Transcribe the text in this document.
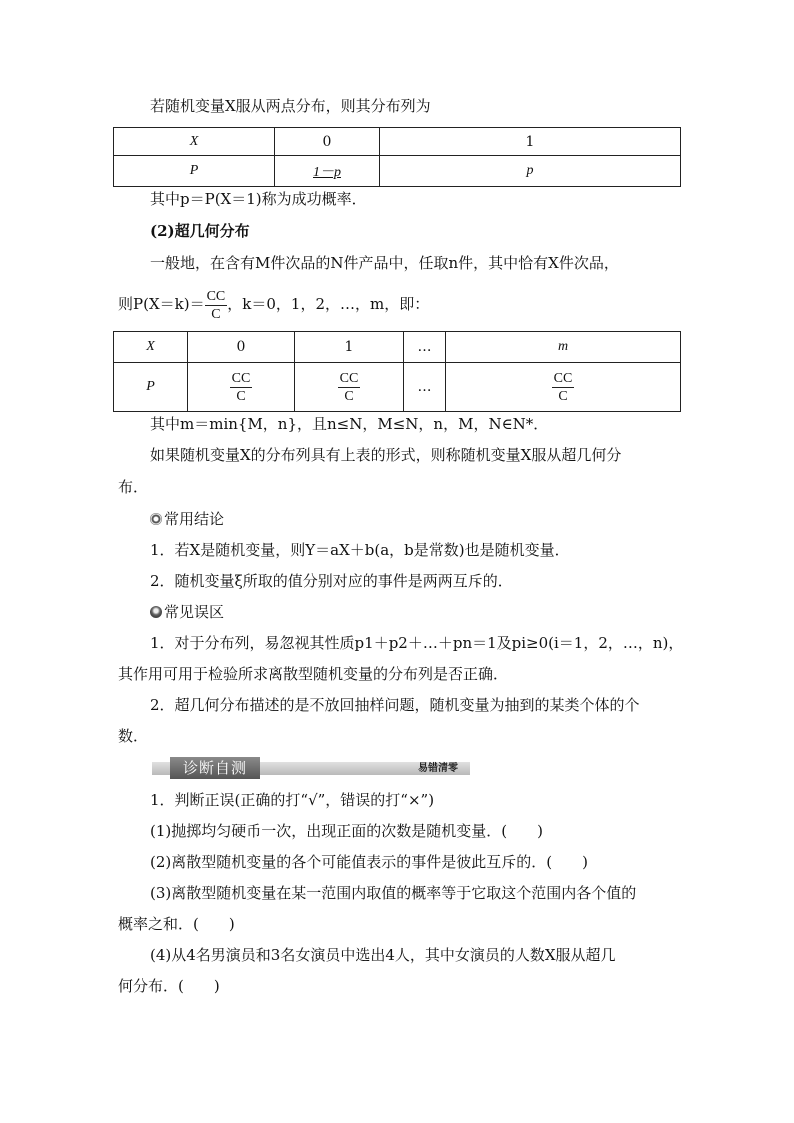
若随机变量X服从两点分布，则其分布列为
X	0	1
P	1－p	p
其中p＝P(X＝1)称为成功概率．
(2)超几何分布
一般地，在含有M件次品的N件产品中，任取n件，其中恰有X件次品，
则$P(X=k)= \frac{CC}{C}$ ，k＝0，1，2，…，m，即：
X	0	1	…	m
P	$\frac{CC}{C}$	$\frac{CC}{C}$	…	$\frac{CC}{C}$
其中m＝min{M，n}，且n≤N，M≤N，n，M，N∈N*．
如果随机变量X的分布列具有上表的形式，则称随机变量X服从超几何分
布．
常用结论
1．若X是随机变量，则Y＝aX＋b(a，b是常数)也是随机变量．
2．随机变量ξ所取的值分别对应的事件是两两互斥的．
常见误区
1．对于分布列，易忽视其性质p1＋p2＋…＋pn＝1及pi≥0(i＝1，2，…，n)，
其作用可用于检验所求离散型随机变量的分布列是否正确．
2．超几何分布描述的是不放回抽样问题，随机变量为抽到的某类个体的个
数．
诊断自测	易错清零
1．判断正误(正确的打“√”，错误的打“×”)
(1)抛掷均匀硬币一次，出现正面的次数是随机变量．(　　)
(2)离散型随机变量的各个可能值表示的事件是彼此互斥的．(　　)
(3)离散型随机变量在某一范围内取值的概率等于它取这个范围内各个值的
概率之和．(　　)
(4)从4名男演员和3名女演员中选出4人，其中女演员的人数X服从超几
何分布．(　　)
